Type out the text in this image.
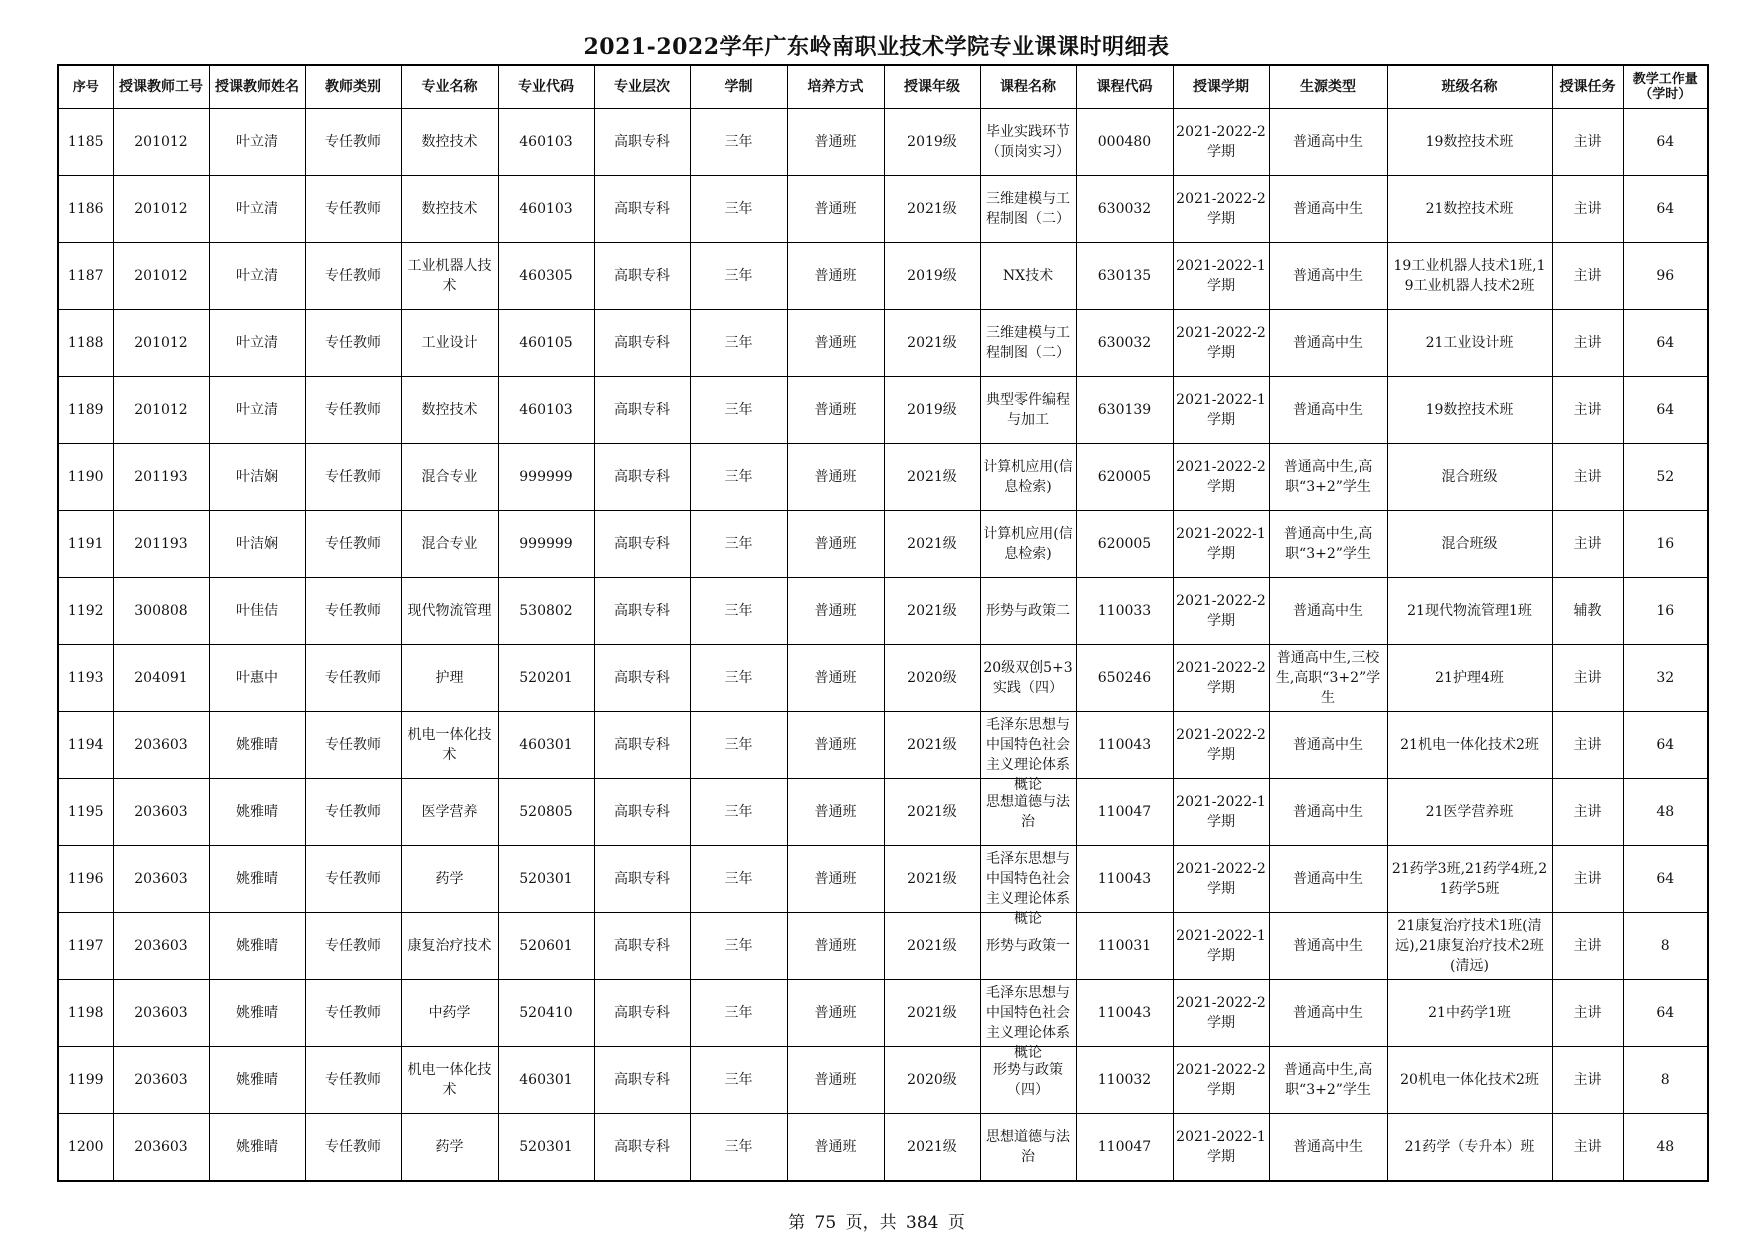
2021-2022学年广东岭南职业技术学院专业课课时明细表
序号	授课教师工号	授课教师姓名	教师类别	专业名称	专业代码	专业层次	学制	培养方式	授课年级	课程名称	课程代码	授课学期	生源类型	班级名称	授课任务	教学工作量（学时）

1185	201012	叶立清	专任教师	数控技术	460103	高职专科	三年	普通班	2019级	毕业实践环节（顶岗实习）	000480	2021-2022-2学期	普通高中生	19数控技术班	主讲	64

1186	201012	叶立清	专任教师	数控技术	460103	高职专科	三年	普通班	2021级	三维建模与工程制图（二）	630032	2021-2022-2学期	普通高中生	21数控技术班	主讲	64

1187	201012	叶立清	专任教师	工业机器人技术	460305	高职专科	三年	普通班	2019级	NX技术	630135	2021-2022-1学期	普通高中生	19工业机器人技术1班,19工业机器人技术2班	主讲	96

1188	201012	叶立清	专任教师	工业设计	460105	高职专科	三年	普通班	2021级	三维建模与工程制图（二）	630032	2021-2022-2学期	普通高中生	21工业设计班	主讲	64

1189	201012	叶立清	专任教师	数控技术	460103	高职专科	三年	普通班	2019级	典型零件编程与加工	630139	2021-2022-1学期	普通高中生	19数控技术班	主讲	64

1190	201193	叶洁娴	专任教师	混合专业	999999	高职专科	三年	普通班	2021级	计算机应用(信息检索)	620005	2021-2022-2学期	普通高中生,高职“3+2”学生	混合班级	主讲	52

1191	201193	叶洁娴	专任教师	混合专业	999999	高职专科	三年	普通班	2021级	计算机应用(信息检索)	620005	2021-2022-1学期	普通高中生,高职“3+2”学生	混合班级	主讲	16

1192	300808	叶佳佶	专任教师	现代物流管理	530802	高职专科	三年	普通班	2021级	形势与政策二	110033	2021-2022-2学期	普通高中生	21现代物流管理1班	辅教	16

1193	204091	叶惠中	专任教师	护理	520201	高职专科	三年	普通班	2020级	20级双创5+3实践（四）	650246	2021-2022-2学期	普通高中生,三校生,高职“3+2”学生	21护理4班	主讲	32

1194	203603	姚雅晴	专任教师	机电一体化技术	460301	高职专科	三年	普通班	2021级	毛泽东思想与中国特色社会主义理论体系概论	110043	2021-2022-2学期	普通高中生	21机电一体化技术2班	主讲	64

1195	203603	姚雅晴	专任教师	医学营养	520805	高职专科	三年	普通班	2021级	思想道德与法治	110047	2021-2022-1学期	普通高中生	21医学营养班	主讲	48

1196	203603	姚雅晴	专任教师	药学	520301	高职专科	三年	普通班	2021级	毛泽东思想与中国特色社会主义理论体系概论	110043	2021-2022-2学期	普通高中生	21药学3班,21药学4班,21药学5班	主讲	64

1197	203603	姚雅晴	专任教师	康复治疗技术	520601	高职专科	三年	普通班	2021级	形势与政策一	110031	2021-2022-1学期	普通高中生	21康复治疗技术1班(清远),21康复治疗技术2班(清远)	主讲	8

1198	203603	姚雅晴	专任教师	中药学	520410	高职专科	三年	普通班	2021级	毛泽东思想与中国特色社会主义理论体系概论	110043	2021-2022-2学期	普通高中生	21中药学1班	主讲	64

1199	203603	姚雅晴	专任教师	机电一体化技术	460301	高职专科	三年	普通班	2020级	形势与政策（四）	110032	2021-2022-2学期	普通高中生,高职“3+2”学生	20机电一体化技术2班	主讲	8

1200	203603	姚雅晴	专任教师	药学	520301	高职专科	三年	普通班	2021级	思想道德与法治	110047	2021-2022-1学期	普通高中生	21药学（专升本）班	主讲	48
第 75 页，共 384 页
